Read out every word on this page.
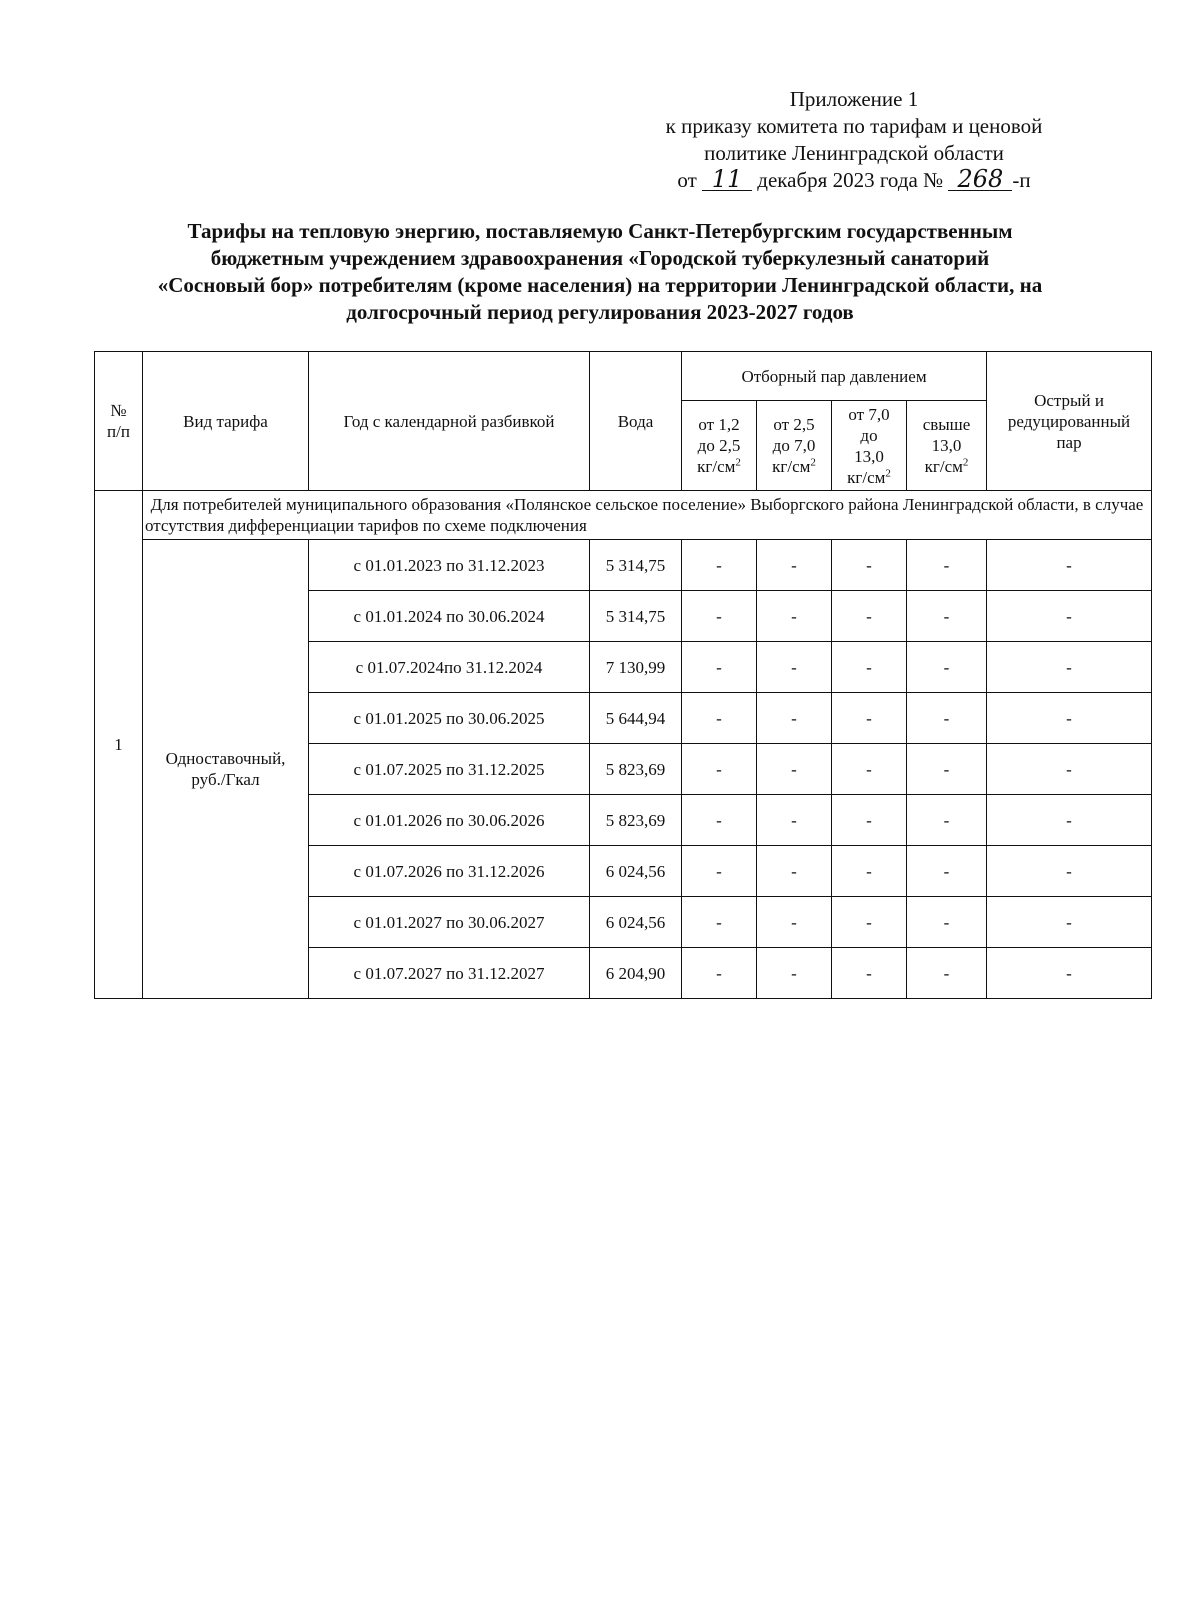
Приложение 1
к приказу комитета по тарифам и ценовой
политике Ленинградской области
от 11 декабря 2023 года № 268 -п
Тарифы на тепловую энергию, поставляемую Санкт-Петербургским государственным
бюджетным учреждением здравоохранения «Городской туберкулезный санаторий
«Сосновый бор» потребителям (кроме населения) на территории Ленинградской области, на
долгосрочный период регулирования 2023-2027 годов
№
п/п	Вид тарифа	Год с календарной разбивкой	Вода	Отборный пар давлением				Острый и
редуцированный
пар
				от 1,2
до 2,5
$кг/см^2$	от 2,5
до 7,0
$кг/см^2$	от 7,0
до
13,0
$кг/см^2$	свыше
13,0
$кг/см^2$
1	Для потребителей муниципального образования «Полянское сельское поселение» Выборгского района Ленинградской области, в случае отсутствия дифференциации тарифов по схеме подключения							
	Одноставочный,
руб./Гкал	с 01.01.2023 по 31.12.2023	5 314,75	-	-	-	-	-
		с 01.01.2024 по 30.06.2024	5 314,75	-	-	-	-	-
		с 01.07.2024по 31.12.2024	7 130,99	-	-	-	-	-
		с 01.01.2025 по 30.06.2025	5 644,94	-	-	-	-	-
		с 01.07.2025 по 31.12.2025	5 823,69	-	-	-	-	-
		с 01.01.2026 по 30.06.2026	5 823,69	-	-	-	-	-
		с 01.07.2026 по 31.12.2026	6 024,56	-	-	-	-	-
		с 01.01.2027 по 30.06.2027	6 024,56	-	-	-	-	-
		с 01.07.2027 по 31.12.2027	6 204,90	-	-	-	-	-
